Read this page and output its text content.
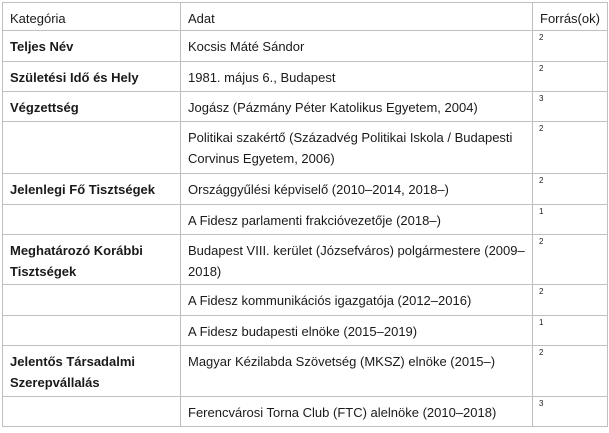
Kategória	Adat	Forrás(ok)
Teljes Név	Kocsis Máté Sándor	$^2$
Születési Idő és Hely	1981. május 6., Budapest	$^2$
Végzettség	Jogász (Pázmány Péter Katolikus Egyetem, 2004)	$^3$
	Politikai szakértő (Századvég Politikai Iskola / Budapesti Corvinus Egyetem, 2006)	$^2$
Jelenlegi Fő Tisztségek	Országgyűlési képviselő (2010–2014, 2018–)	$^2$
	A Fidesz parlamenti frakcióvezetője (2018–)	$^1$
Meghatározó Korábbi Tisztségek	Budapest VIII. kerület (Józsefváros) polgármestere (2009–2018)	$^2$
	A Fidesz kommunikációs igazgatója (2012–2016)	$^2$
	A Fidesz budapesti elnöke (2015–2019)	$^1$
Jelentős Társadalmi Szerepvállalás	Magyar Kézilabda Szövetség (MKSZ) elnöke (2015–)	$^2$
	Ferencvárosi Torna Club (FTC) alelnöke (2010–2018)	$^3$
